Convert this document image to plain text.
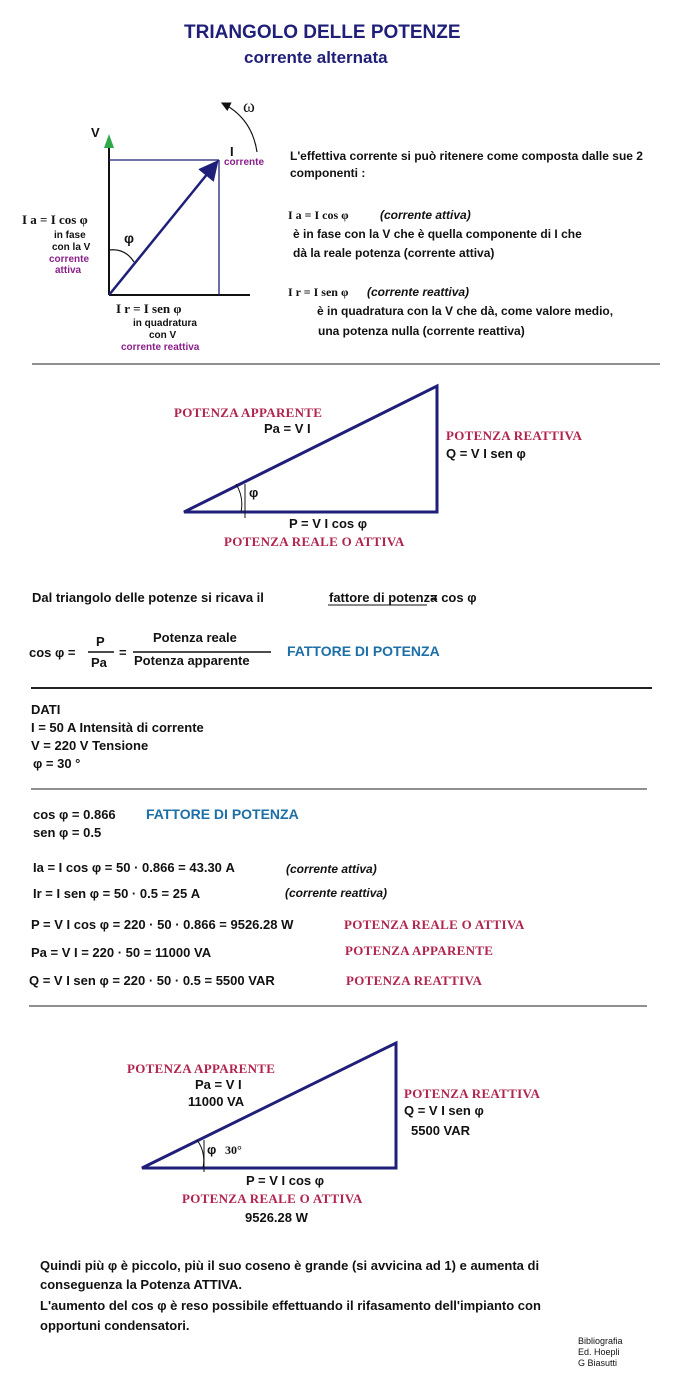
TRIANGOLO DELLE POTENZE
corrente alternata
ω
V
I
corrente
I a = I cos φ
in fase
con la V
corrente
attiva
φ
I r = I sen φ
in quadratura
con V
corrente reattiva
L'effettiva corrente si può ritenere come composta dalle sue 2
componenti :
I a = I cos φ	(corrente attiva)
è in fase con la V che è quella componente di I che
dà la reale potenza (corrente attiva)
I r = I sen φ (corrente reattiva)
è in quadratura con la V che dà, come valore medio,
una potenza nulla (corrente reattiva)
POTENZA APPARENTE
Pa = V I	POTENZA REATTIVA
Q = V I sen φ
φ
P = V I cos φ
POTENZA REALE O ATTIVA
Dal triangolo delle potenze si ricava il	fattore di potenza
= cos φ
cos φ =
P
Pa
=
Potenza reale
Potenza apparente
FATTORE DI POTENZA
DATI
I = 50 A Intensità di corrente
V = 220 V Tensione
φ = 30 °
cos φ = 0.866 FATTORE DI POTENZA
sen φ = 0.5
Ia = I cos φ = 50 · 0.866 = 43.30 A	(corrente attiva)
Ir = I sen φ = 50 · 0.5 = 25 A	(corrente reattiva)
P = V I cos φ = 220 · 50 · 0.866 = 9526.28 W	POTENZA REALE O ATTIVA
Pa = V I = 220 · 50 = 11000 VA	POTENZA APPARENTE
Q = V I sen φ = 220 · 50 · 0.5 = 5500 VAR	POTENZA REATTIVA
POTENZA APPARENTE
Pa = V I
11000 VA
POTENZA REATTIVA
Q = V I sen φ
5500 VAR
φ 30°
P = V I cos φ
POTENZA REALE O ATTIVA
9526.28 W
Quindi più φ è piccolo, più il suo coseno è grande (si avvicina ad 1) e aumenta di
conseguenza la Potenza ATTIVA.
L'aumento del cos φ è reso possibile effettuando il rifasamento dell'impianto con
opportuni condensatori.
Bibliografia
Ed. Hoepli
G Biasutti
